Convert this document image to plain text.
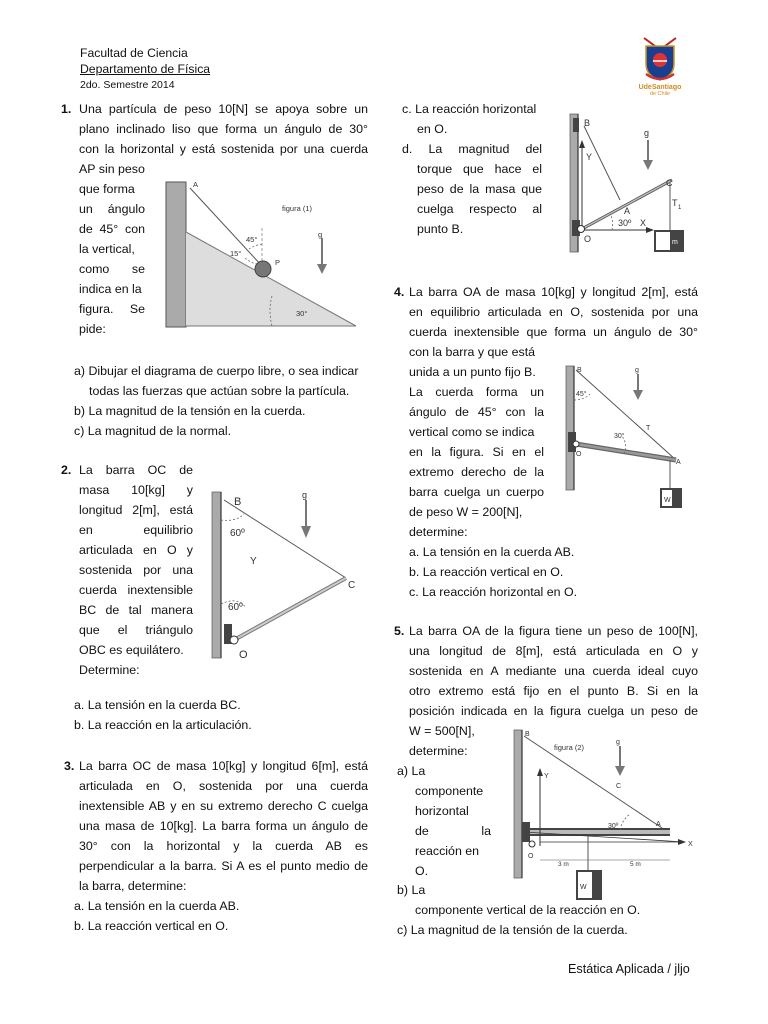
Facultad de Ciencia
Departamento de Física
2do. Semestre 2014	UdeSantiago
de Chile
1. Una partícula de peso 10[N] se apoya sobre un
plano inclinado liso que forma un ángulo de 30°
con la horizontal y está sostenida por una cuerda
AP sin peso
que forma
un ángulo
de 45° con
la vertical,
como se
indica en la
figura. Se
pide:
A
figura (1)
45°
15°
P
g
30°
a) Dibujar el diagrama de cuerpo libre, o sea indicar
todas las fuerzas que actúan sobre la partícula.
b) La magnitud de la tensión en la cuerda.
c) La magnitud de la normal.
2. La barra OC de
masa 10[kg] y
longitud 2[m], está
en equilibrio
articulada en O y
sostenida por una
cuerda inextensible
BC de tal manera
que el triángulo
OBC es equilátero.
Determine:
B
60º
Y
C
60º
O
g
a. La tensión en la cuerda BC.
b. La reacción en la articulación.
3. La barra OC de masa 10[kg] y longitud 6[m], está
articulada en O, sostenida por una cuerda
inextensible AB y en su extremo derecho C cuelga
una masa de 10[kg]. La barra forma un ángulo de
30° con la horizontal y la cuerda AB es
perpendicular a la barra. Si A es el punto medio de
la barra, determine:
a. La tensión en la cuerda AB.
b. La reacción vertical en O.
c. La reacción horizontal
en O.
d. La magnitud del
torque que hace el
peso de la masa que
cuelga respecto al
punto B.
B
g
Y
C
T 1
A
30º X
O	m
4. La barra OA de masa 10[kg] y longitud 2[m], está
en equilibrio articulada en O, sostenida por una
cuerda inextensible que forma un ángulo de 30°
con la barra y que está
unida a un punto fijo B.
La cuerda forma un
ángulo de 45° con la
vertical como se indica
en la figura. Si en el
extremo derecho de la
barra cuelga un cuerpo
de peso W = 200[N],
determine:
a. La tensión en la cuerda AB.
b. La reacción vertical en O.
c. La reacción horizontal en O.
B	g
45°
T
30°
O
A
W
5. La barra OA de la figura tiene un peso de 100[N],
una longitud de 8[m], está articulada en O y
sostenida en A mediante una cuerda ideal cuyo
otro extremo está fijo en el punto B. Si en la
posición indicada en la figura cuelga un peso de
W = 500[N],
determine:
a) La
componente
horizontal
de la
reacción en
O.
b) La
componente vertical de la reacción en O.
c) La magnitud de la tensión de la cuerda.
B
figura (2)
g
Y
C
30º	A
X
O
3 m	5 m
W
Estática Aplicada / jljo
